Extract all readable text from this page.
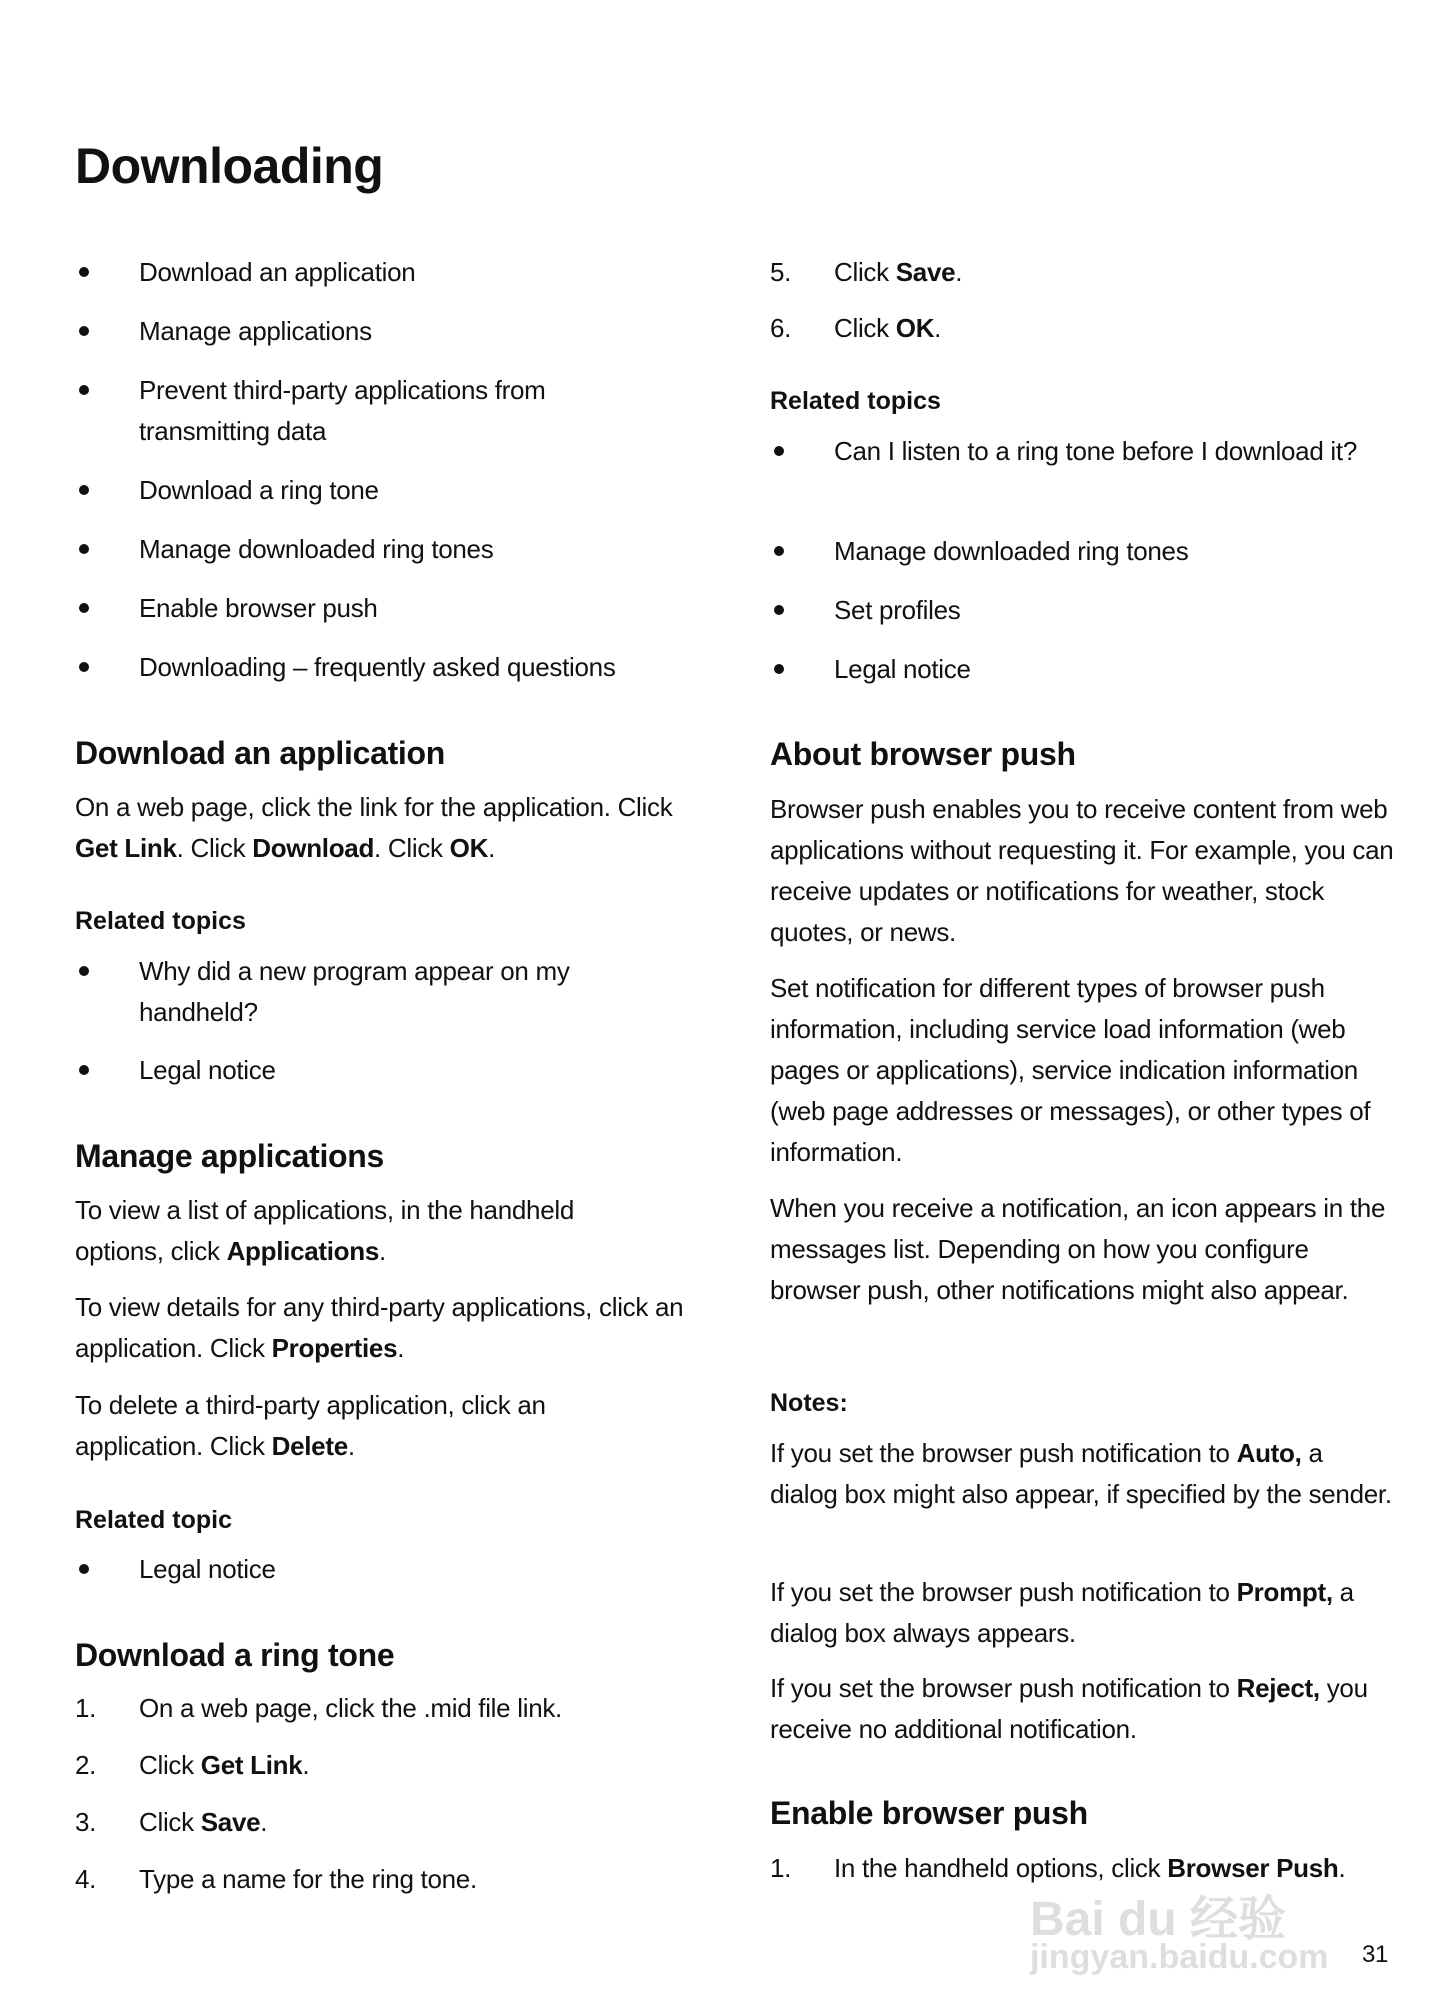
Downloading
Download an application
Manage applications
Prevent third-party applications from transmitting data
Download a ring tone
Manage downloaded ring tones
Enable browser push
Downloading – frequently asked questions
Download an application
On a web page, click the link for the application. Click Get Link. Click Download. Click OK.
Related topics
Why did a new program appear on my handheld?
Legal notice
Manage applications
To view a list of applications, in the handheld options, click Applications.
To view details for any third-party applications, click an application. Click Properties.
To delete a third-party application, click an application. Click Delete.
Related topic
Legal notice
Download a ring tone
1.	On a web page, click the .mid file link.
2.	Click Get Link.
3.	Click Save.
4.	Type a name for the ring tone.
5.	Click Save.
6.	Click OK.
Related topics
Can I listen to a ring tone before I download it?
Manage downloaded ring tones
Set profiles
Legal notice
About browser push
Browser push enables you to receive content from web applications without requesting it. For example, you can receive updates or notifications for weather, stock quotes, or news.
Set notification for different types of browser push information, including service load information (web pages or applications), service indication information (web page addresses or messages), or other types of information.
When you receive a notification, an icon appears in the messages list. Depending on how you configure browser push, other notifications might also appear.
Notes:
If you set the browser push notification to Auto, a dialog box might also appear, if specified by the sender.
If you set the browser push notification to Prompt, a dialog box always appears.
If you set the browser push notification to Reject, you receive no additional notification.
Enable browser push
1.	In the handheld options, click Browser Push.
Bai du 经验
jingyan.baidu.com 31
